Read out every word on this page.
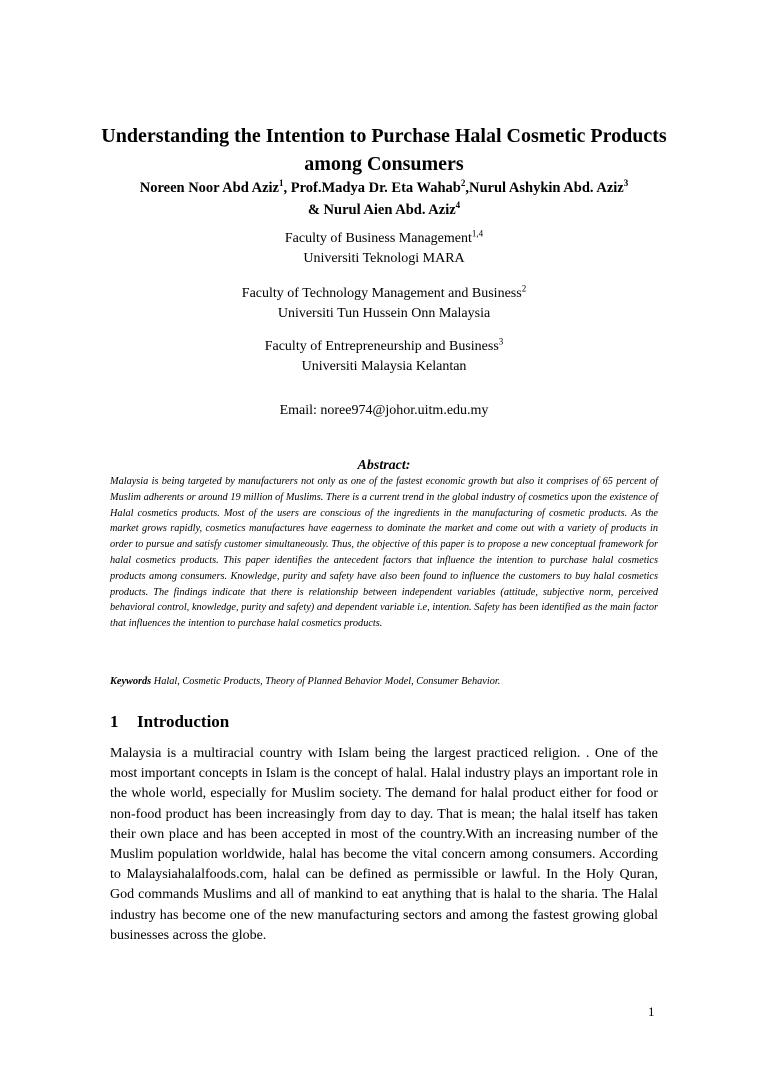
Understanding the Intention to Purchase Halal Cosmetic Products among Consumers
Noreen Noor Abd Aziz$^1$, Prof.Madya Dr. Eta Wahab$^2$,Nurul Ashykin Abd. Aziz$^3$
& Nurul Aien Abd. Aziz$^4$

Faculty of Business Management$^{1,4}$

Universiti Teknologi MARA

Faculty of Technology Management and Business$^2$

Universiti Tun Hussein Onn Malaysia

Faculty of Entrepreneurship and Business$^3$

Universiti Malaysia Kelantan

Email: noree974@johor.uitm.edu.my
Abstract:

Malaysia is being targeted by manufacturers not only as one of the fastest economic growth but also it comprises of 65 percent of Muslim adherents or around 19 million of Muslims. There is a current trend in the global industry of cosmetics upon the existence of Halal cosmetics products. Most of the users are conscious of the ingredients in the manufacturing of cosmetic products. As the market grows rapidly, cosmetics manufactures have eagerness to dominate the market and come out with a variety of products in order to pursue and satisfy customer simultaneously. Thus, the objective of this paper is to propose a new conceptual framework for halal cosmetics products. This paper identifies the antecedent factors that influence the intention to purchase halal cosmetics products among consumers. Knowledge, purity and safety have also been found to influence the customers to buy halal cosmetics products. The findings indicate that there is relationship between independent variables (attitude, subjective norm, perceived behavioral control, knowledge, purity and safety) and dependent variable i.e, intention. Safety has been identified as the main factor that influences the intention to purchase halal cosmetics products.

Keywords Halal, Cosmetic Products, Theory of Planned Behavior Model, Consumer Behavior.

1 Introduction

Malaysia is a multiracial country with Islam being the largest practiced religion. . One of the most important concepts in Islam is the concept of halal. Halal industry plays an important role in the whole world, especially for Muslim society. The demand for halal product either for food or non-food product has been increasingly from day to day. That is mean; the halal itself has taken their own place and has been accepted in most of the country.With an increasing number of the Muslim population worldwide, halal has become the vital concern among consumers. According to Malaysiahalalfoods.com, halal can be defined as permissible or lawful. In the Holy Quran, God commands Muslims and all of mankind to eat anything that is halal to the sharia. The Halal industry has become one of the new manufacturing sectors and among the fastest growing global businesses across the globe.

1
